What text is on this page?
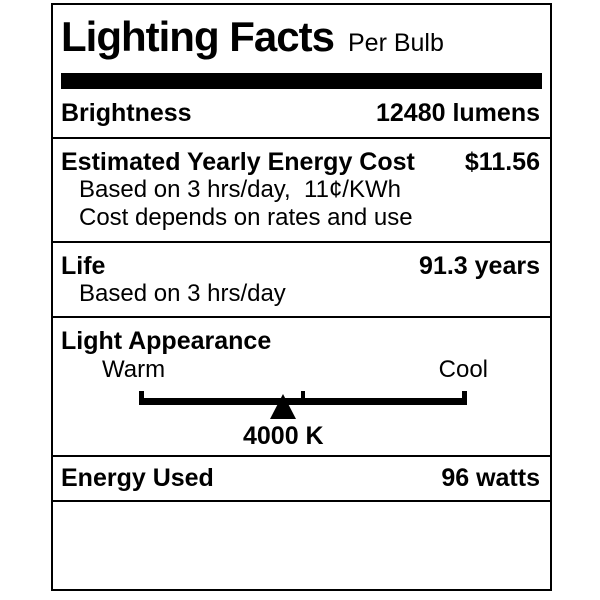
Lighting Facts Per Bulb
Brightness	12480 lumens
Estimated Yearly Energy Cost $11.56
Based on 3 hrs/day,  11¢/KWh
Cost depends on rates and use
Life	91.3 years
Based on 3 hrs/day
Light Appearance
Warm	Cool
4000 K
Energy Used	96 watts
